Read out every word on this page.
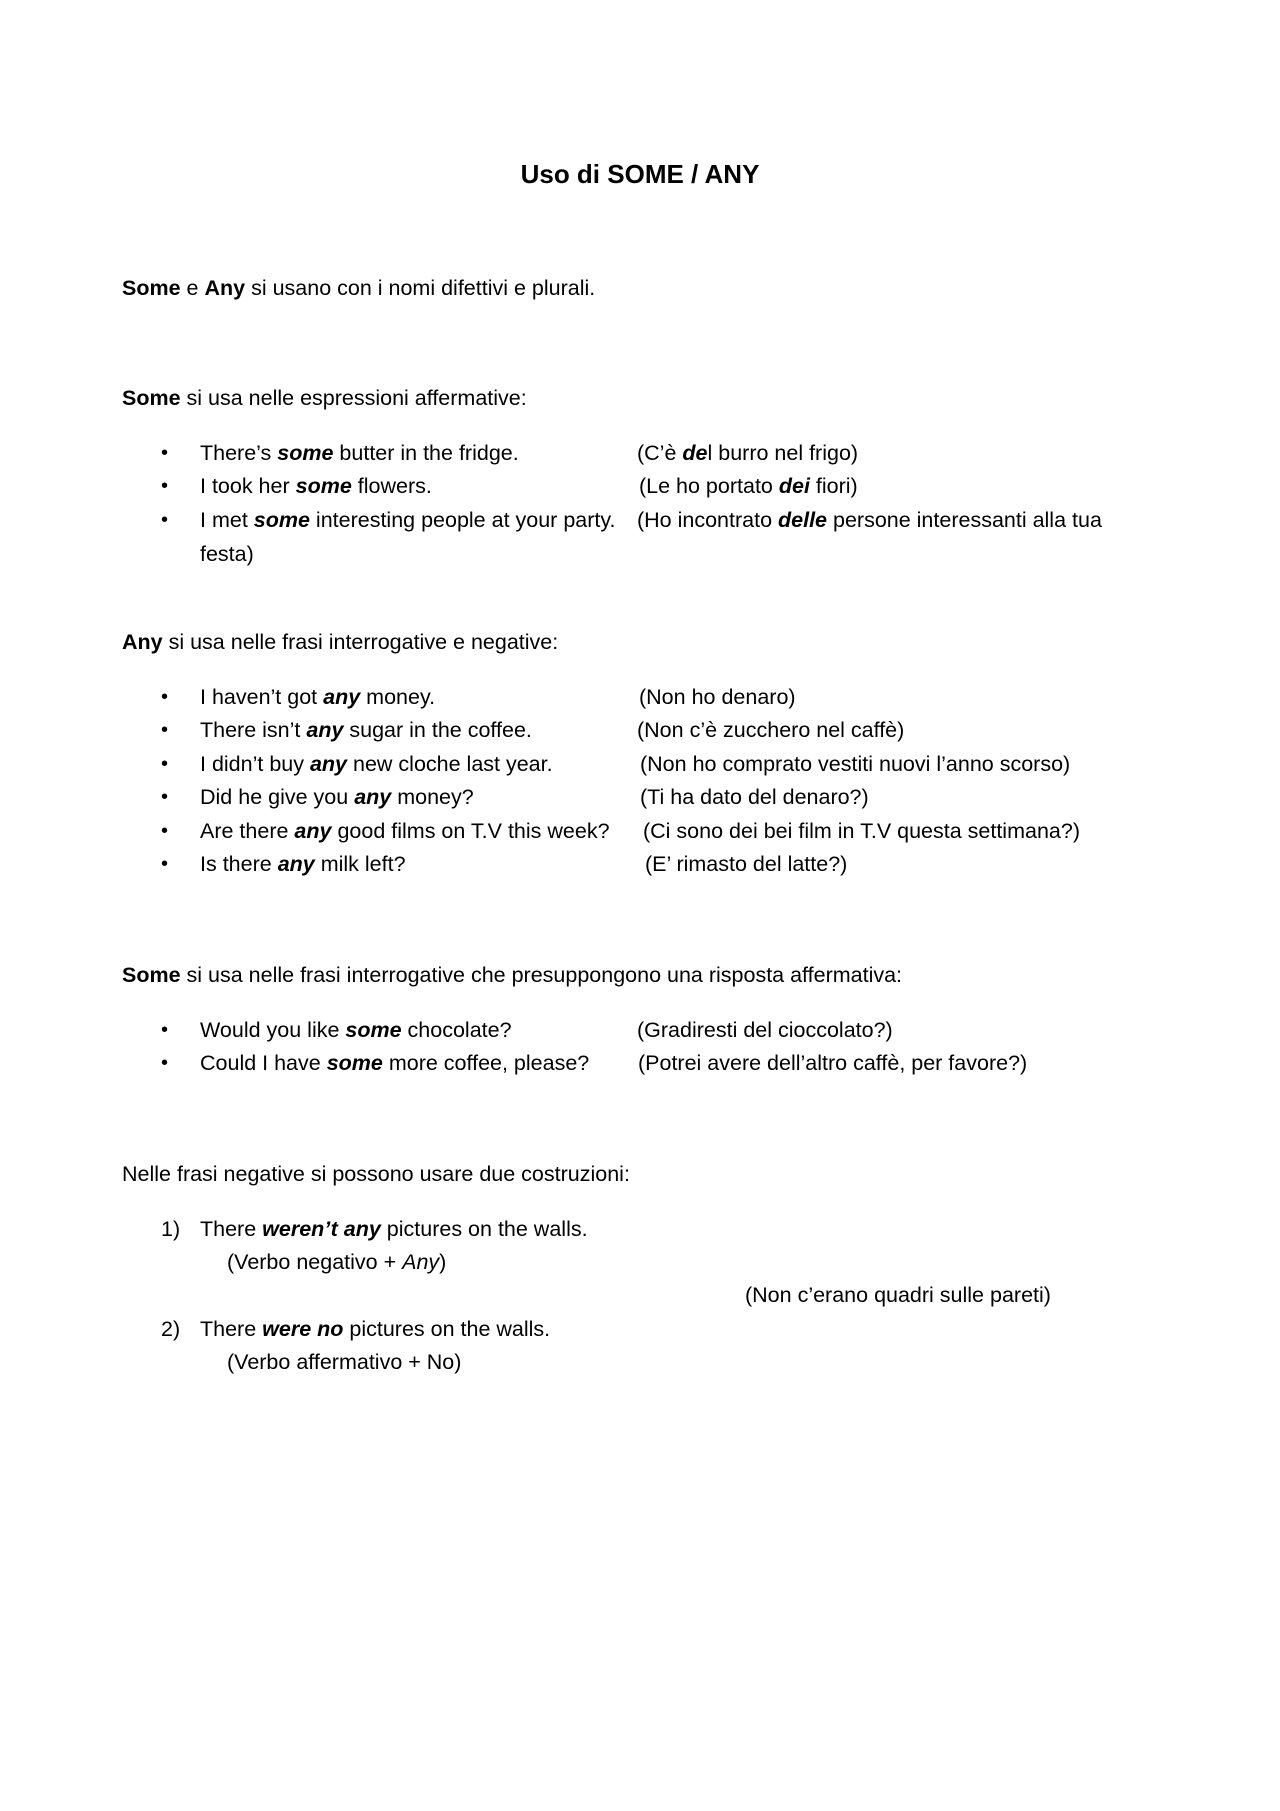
Uso di SOME / ANY
Some e Any si usano con i nomi difettivi e plurali.
Some si usa nelle espressioni affermative:
• There’s some butter in the fridge.	(C’è del burro nel frigo)
• I took her some flowers.	(Le ho portato dei fiori)
• I met some interesting people at your party. (Ho incontrato delle persone interessanti alla tua
festa)
Any si usa nelle frasi interrogative e negative:
• I haven’t got any money.	(Non ho denaro)
• There isn’t any sugar in the coffee.	(Non c’è zucchero nel caffè)
• I didn’t buy any new cloche last year.	(Non ho comprato vestiti nuovi l’anno scorso)
• Did he give you any money?	(Ti ha dato del denaro?)
• Are there any good films on T.V this week? (Ci sono dei bei film in T.V questa settimana?)
• Is there any milk left?	(E’ rimasto del latte?)
Some si usa nelle frasi interrogative che presuppongono una risposta affermativa:
• Would you like some chocolate?	(Gradiresti del cioccolato?)
• Could I have some more coffee, please? (Potrei avere dell’altro caffè, per favore?)
Nelle frasi negative si possono usare due costruzioni:
1) There weren’t any pictures on the walls.
(Verbo negativo + Any)
(Non c’erano quadri sulle pareti)
2) There were no pictures on the walls.
(Verbo affermativo + No)
